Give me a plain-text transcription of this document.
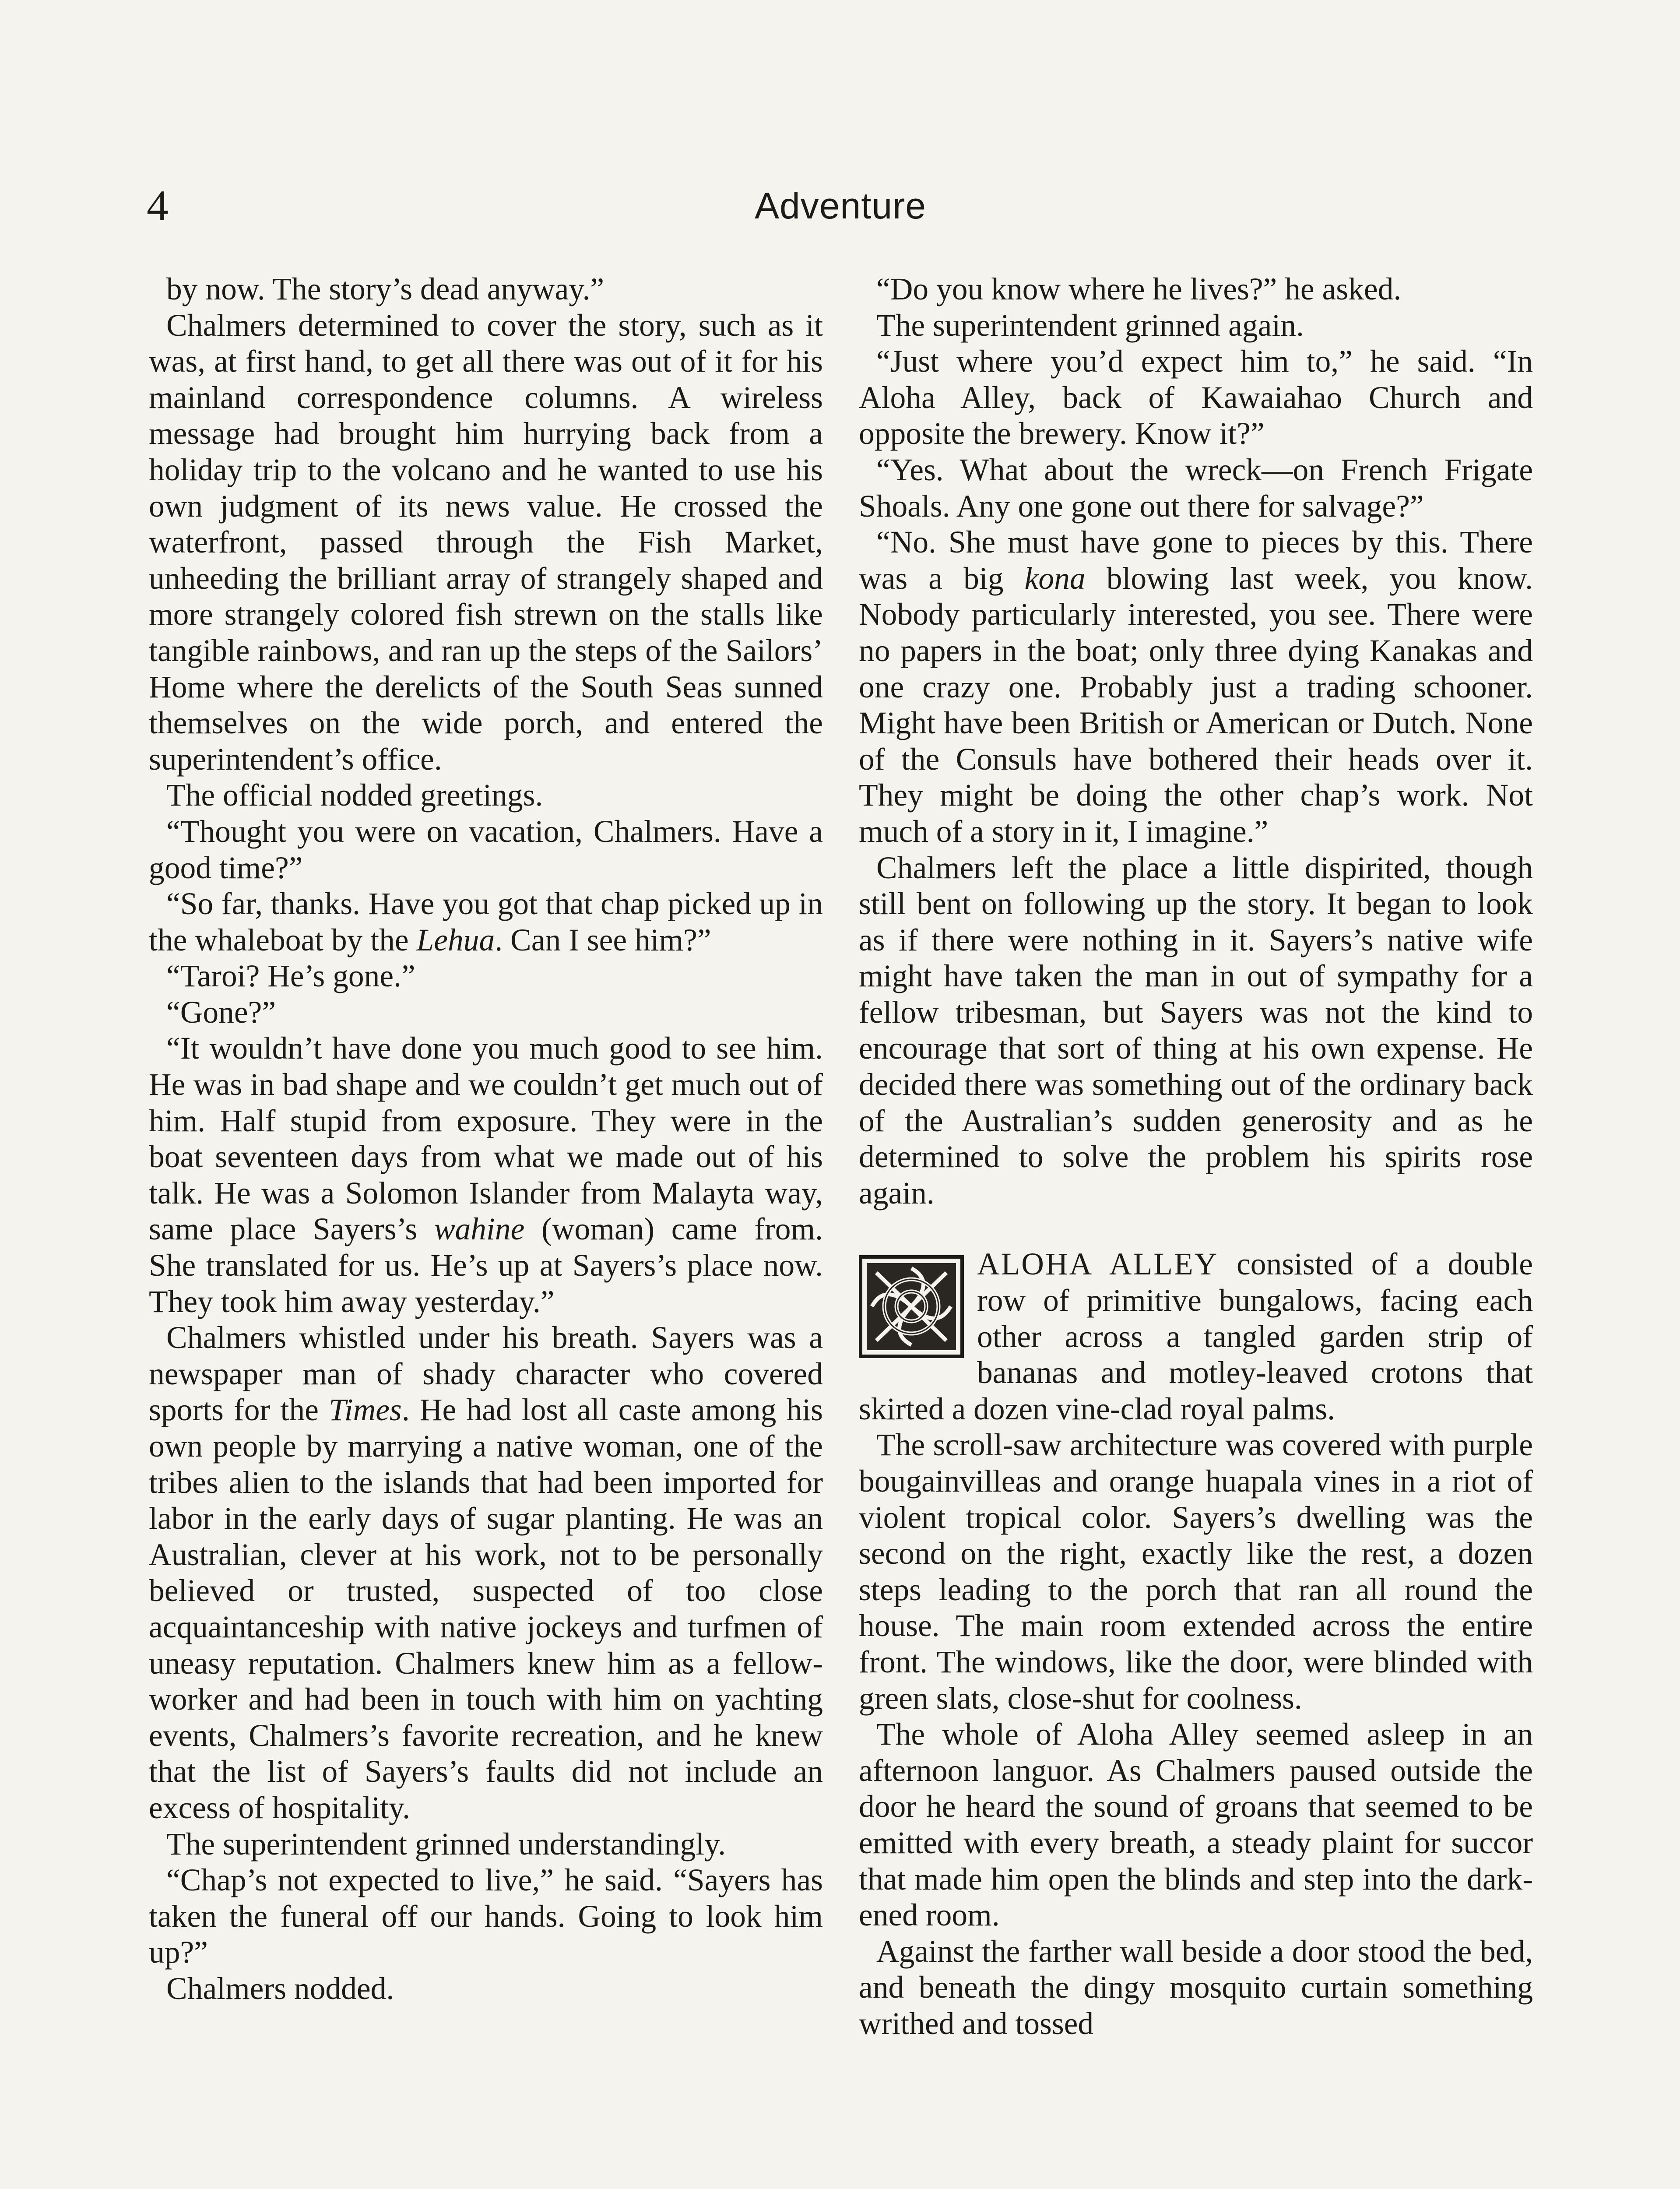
4	Adventure

by now. The story’s dead anyway.”

Chalmers determined to cover the story, such as it was, at first hand, to get all there was out of it for his mainland correspondence columns. A wireless message had brought him hurrying back from a holiday trip to the volcano and he wanted to use his own judgment of its news value. He crossed the waterfront, passed through the Fish Market, unheeding the brilliant array of strangely shaped and more strangely colored fish strewn on the stalls like tangible rainbows, and ran up the steps of the Sailors’ Home where the derelicts of the South Seas sunned themselves on the wide porch, and entered the superintendent’s office.

The official nodded greetings.

“Thought you were on vacation, Chalmers. Have a good time?”

“So far, thanks. Have you got that chap picked up in the whaleboat by the Lehua. Can I see him?”

“Taroi? He’s gone.”

“Gone?”

“It wouldn’t have done you much good to see him. He was in bad shape and we couldn’t get much out of him. Half stupid from exposure. They were in the boat seventeen days from what we made out of his talk. He was a Solomon Islander from Malayta way, same place Sayers’s wahine (woman) came from. She translated for us. He’s up at Sayers’s place now. They took him away yesterday.”

Chalmers whistled under his breath. Sayers was a newspaper man of shady character who covered sports for the Times. He had lost all caste among his own people by marrying a native woman, one of the tribes alien to the islands that had been imported for labor in the early days of sugar planting. He was an Australian, clever at his work, not to be personally believed or trusted, suspected of too close acquaintanceship with native jockeys and turfmen of uneasy reputation. Chalmers knew him as a fellow-worker and had been in touch with him on yachting events, Chalmers’s favorite recreation, and he knew that the list of Sayers’s faults did not include an excess of hospitality.

The superintendent grinned understandingly.

“Chap’s not expected to live,” he said. “Sayers has taken the funeral off our hands. Going to look him up?”

Chalmers nodded.

“Do you know where he lives?” he asked.

The superintendent grinned again.

“Just where you’d expect him to,” he said. “In Aloha Alley, back of Kawaiahao Church and opposite the brewery. Know it?”

“Yes. What about the wreck—on French Frigate Shoals. Any one gone out there for salvage?”

“No. She must have gone to pieces by this. There was a big kona blowing last week, you know. Nobody particularly interested, you see. There were no papers in the boat; only three dying Kanakas and one crazy one. Probably just a trading schooner. Might have been British or American or Dutch. None of the Consuls have bothered their heads over it. They might be doing the other chap’s work. Not much of a story in it, I imagine.”

Chalmers left the place a little dispirited, though still bent on following up the story. It began to look as if there were nothing in it. Sayers’s native wife might have taken the man in out of sympathy for a fellow tribesman, but Sayers was not the kind to encourage that sort of thing at his own expense. He decided there was something out of the ordinary back of the Australian’s sudden generosity and as he determined to solve the problem his spirits rose again.

ALOHA ALLEY consisted of a double row of primitive bungalows, facing each other across a tangled garden strip of bananas and motley-leaved crotons that skirted a dozen vine-clad royal palms.

The scroll-saw architecture was covered with purple bougainvilleas and orange huapala vines in a riot of violent tropical color. Sayers’s dwelling was the second on the right, exactly like the rest, a dozen steps leading to the porch that ran all round the house. The main room extended across the entire front. The windows, like the door, were blinded with green slats, close-shut for coolness.

The whole of Aloha Alley seemed asleep in an afternoon languor. As Chalmers paused outside the door he heard the sound of groans that seemed to be emitted with every breath, a steady plaint for succor that made him open the blinds and step into the darkened room.

Against the farther wall beside a door stood the bed, and beneath the dingy mosquito curtain something writhed and tossed
